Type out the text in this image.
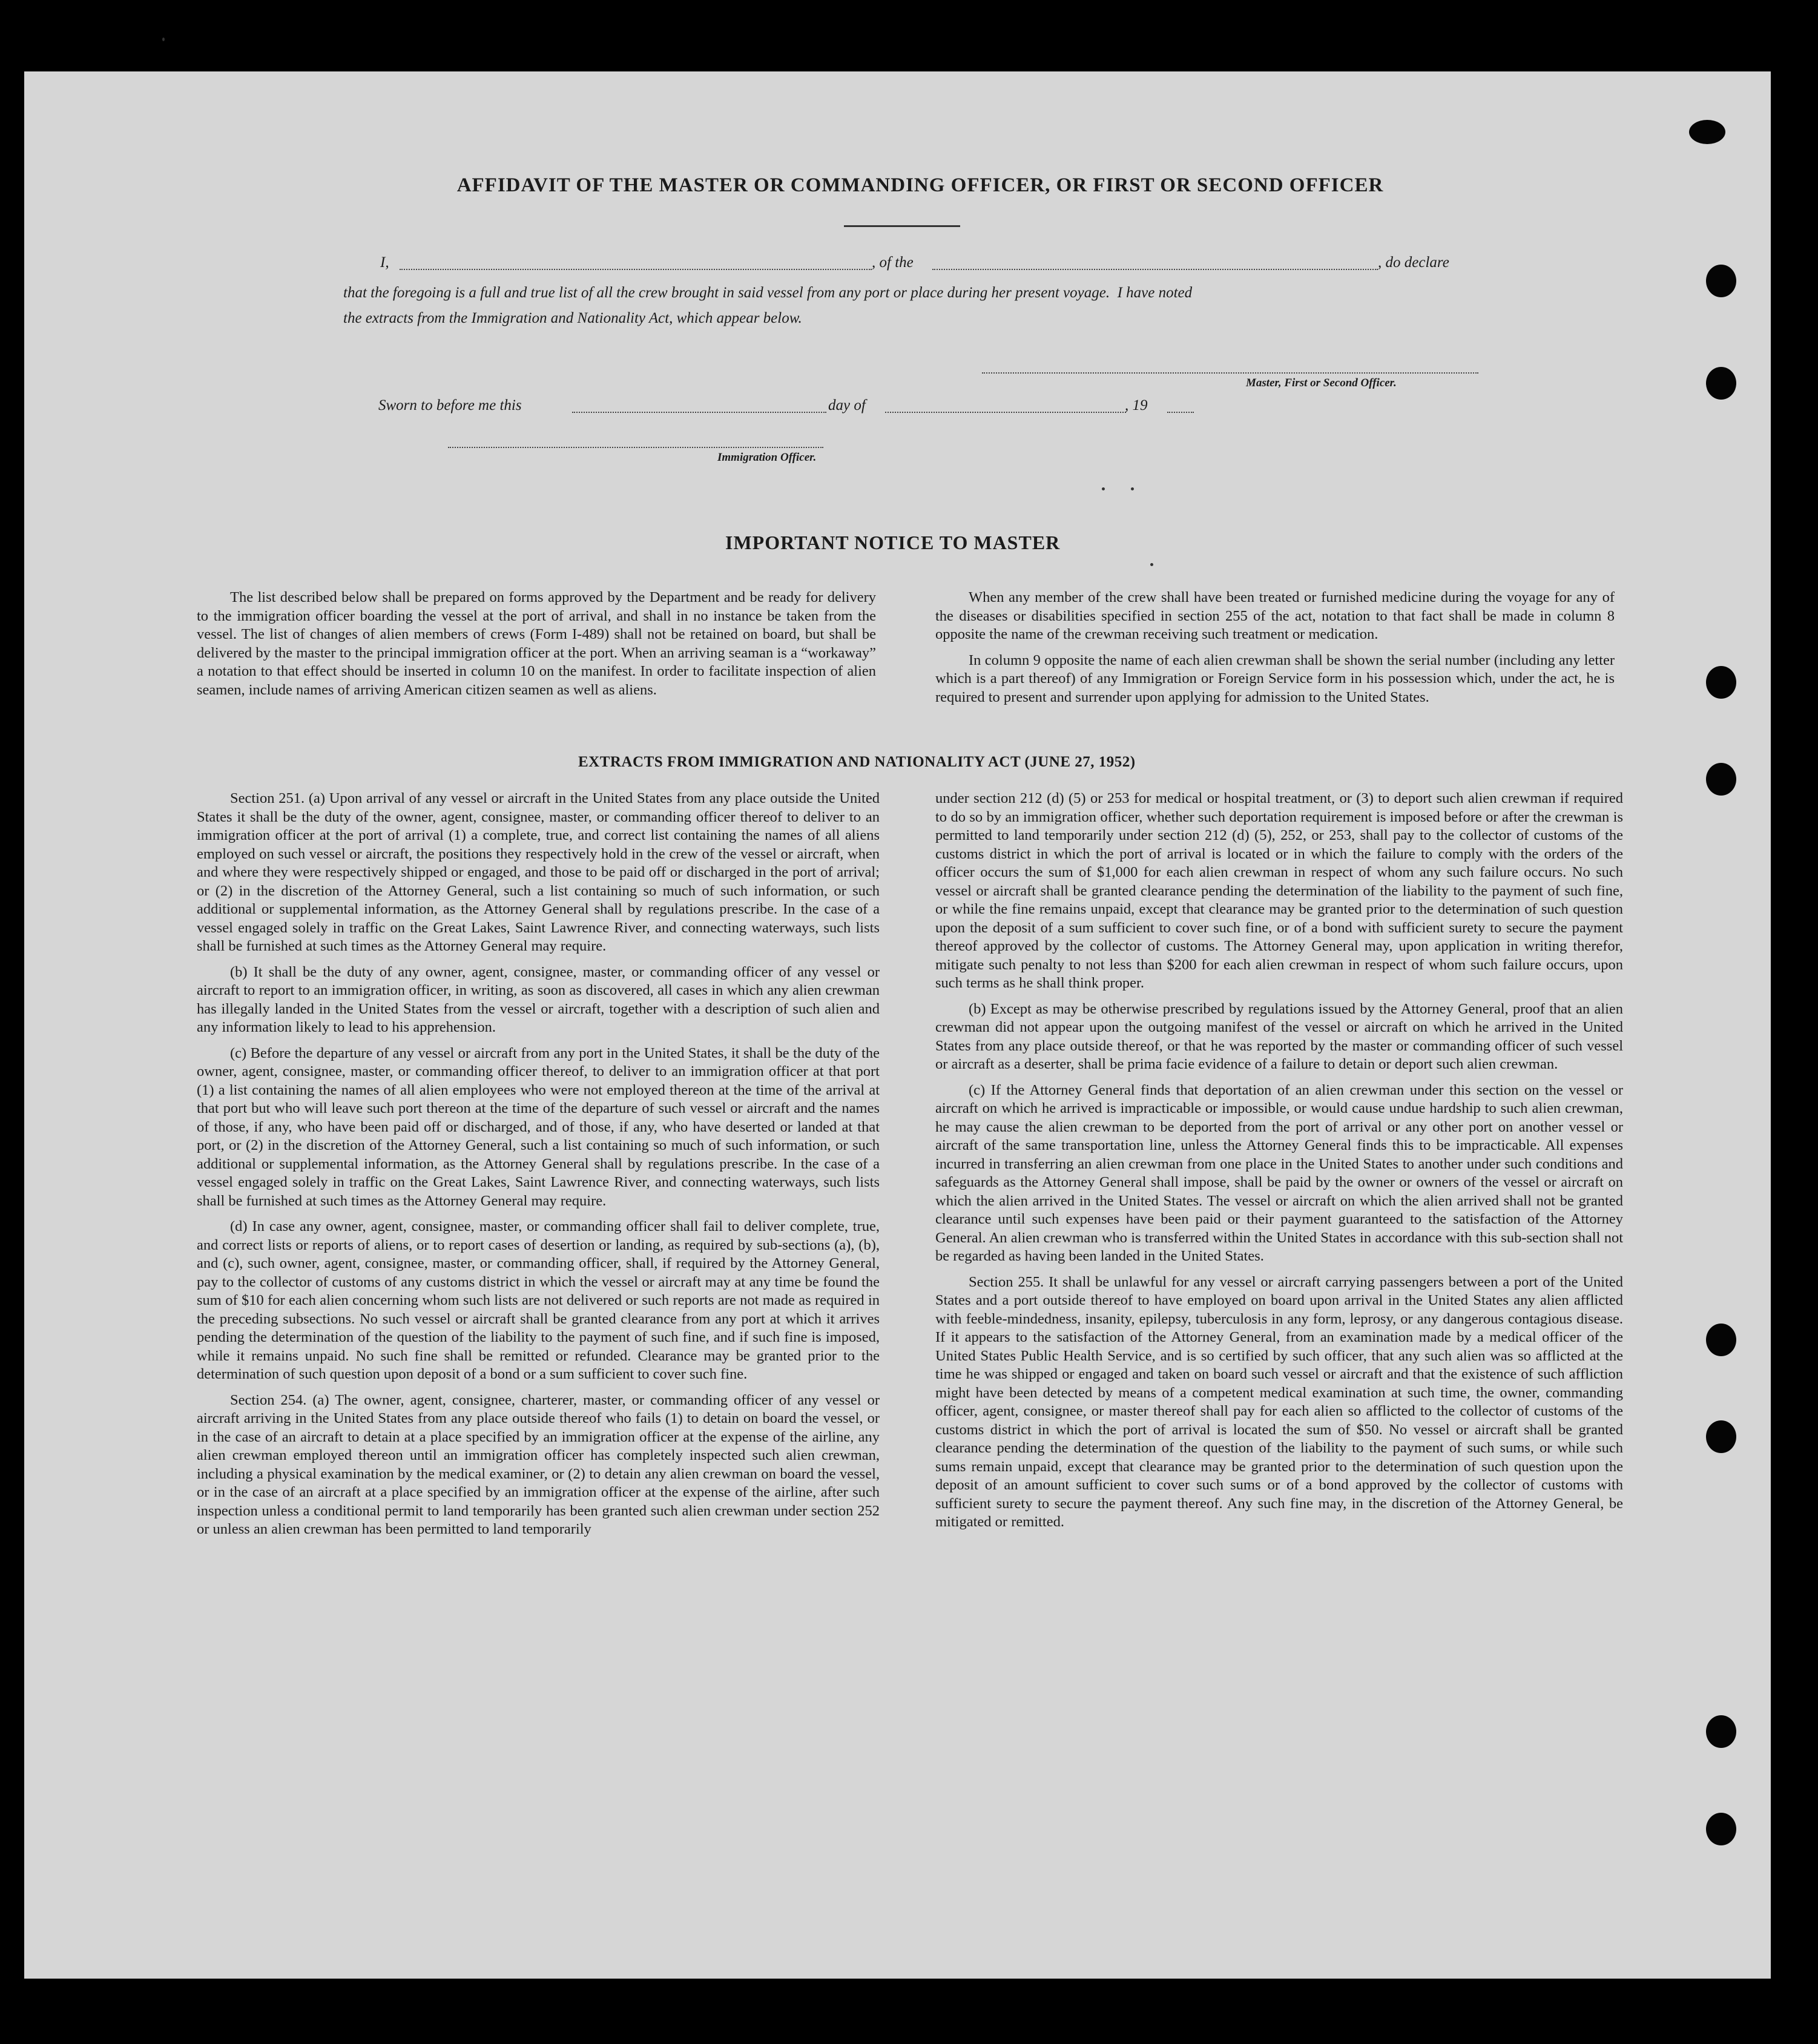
AFFIDAVIT OF THE MASTER OR COMMANDING OFFICER, OR FIRST OR SECOND OFFICER
I,	, of the	, do declare
that the foregoing is a full and true list of all the crew brought in said vessel from any port or place during her present voyage.  I have noted
the extracts from the Immigration and Nationality Act, which appear below.
Master, First or Second Officer.
Sworn to before me this	day of	, 19
Immigration Officer.
IMPORTANT NOTICE TO MASTER

The list described below shall be prepared on forms approved by the Department and be ready for delivery to the immigration officer boarding the vessel at the port of arrival, and shall in no instance be taken from the vessel. The list of changes of alien members of crews (Form I-489) shall not be retained on board, but shall be delivered by the master to the principal immigration officer at the port. When an arriving seaman is a “workaway” a notation to that effect should be inserted in column 10 on the manifest. In order to facilitate inspection of alien seamen, include names of arriving American citizen seamen as well as aliens.

When any member of the crew shall have been treated or furnished medicine during the voyage for any of the diseases or disabilities specified in section 255 of the act, notation to that fact shall be made in column 8 opposite the name of the crewman receiving such treatment or medication.

In column 9 opposite the name of each alien crewman shall be shown the serial number (including any letter which is a part thereof) of any Immigration or Foreign Service form in his possession which, under the act, he is required to present and surrender upon applying for admission to the United States.

EXTRACTS FROM IMMIGRATION AND NATIONALITY ACT (JUNE 27, 1952)

Section 251. (a) Upon arrival of any vessel or aircraft in the United States from any place outside the United States it shall be the duty of the owner, agent, consignee, master, or commanding officer thereof to deliver to an immigration officer at the port of arrival (1) a complete, true, and correct list containing the names of all aliens employed on such vessel or aircraft, the positions they respectively hold in the crew of the vessel or aircraft, when and where they were respectively shipped or engaged, and those to be paid off or discharged in the port of arrival; or (2) in the discretion of the Attorney General, such a list containing so much of such information, or such additional or supplemental information, as the Attorney General shall by regulations prescribe. In the case of a vessel engaged solely in traffic on the Great Lakes, Saint Lawrence River, and connecting waterways, such lists shall be furnished at such times as the Attorney General may require.

(b) It shall be the duty of any owner, agent, consignee, master, or commanding officer of any vessel or aircraft to report to an immigration officer, in writing, as soon as discovered, all cases in which any alien crewman has illegally landed in the United States from the vessel or aircraft, together with a description of such alien and any information likely to lead to his apprehension.

(c) Before the departure of any vessel or aircraft from any port in the United States, it shall be the duty of the owner, agent, consignee, master, or commanding officer thereof, to deliver to an immigration officer at that port (1) a list containing the names of all alien employees who were not employed thereon at the time of the arrival at that port but who will leave such port thereon at the time of the departure of such vessel or aircraft and the names of those, if any, who have been paid off or discharged, and of those, if any, who have deserted or landed at that port, or (2) in the discretion of the Attorney General, such a list containing so much of such information, or such additional or supplemental information, as the Attorney General shall by regulations prescribe. In the case of a vessel engaged solely in traffic on the Great Lakes, Saint Lawrence River, and connecting waterways, such lists shall be furnished at such times as the Attorney General may require.

(d) In case any owner, agent, consignee, master, or commanding officer shall fail to deliver complete, true, and correct lists or reports of aliens, or to report cases of desertion or landing, as required by sub-sections (a), (b), and (c), such owner, agent, consignee, master, or commanding officer, shall, if required by the Attorney General, pay to the collector of customs of any customs district in which the vessel or aircraft may at any time be found the sum of $10 for each alien concerning whom such lists are not delivered or such reports are not made as required in the preceding subsections. No such vessel or aircraft shall be granted clearance from any port at which it arrives pending the determination of the question of the liability to the payment of such fine, and if such fine is imposed, while it remains unpaid. No such fine shall be remitted or refunded. Clearance may be granted prior to the determination of such question upon deposit of a bond or a sum sufficient to cover such fine.

Section 254. (a) The owner, agent, consignee, charterer, master, or commanding officer of any vessel or aircraft arriving in the United States from any place outside thereof who fails (1) to detain on board the vessel, or in the case of an aircraft to detain at a place specified by an immigration officer at the expense of the airline, any alien crewman employed thereon until an immigration officer has completely inspected such alien crewman, including a physical examination by the medical examiner, or (2) to detain any alien crewman on board the vessel, or in the case of an aircraft at a place specified by an immigration officer at the expense of the airline, after such inspection unless a conditional permit to land temporarily has been granted such alien crewman under section 252 or unless an alien crewman has been permitted to land temporarily

under section 212 (d) (5) or 253 for medical or hospital treatment, or (3) to deport such alien crewman if required to do so by an immigration officer, whether such deportation requirement is imposed before or after the crewman is permitted to land temporarily under section 212 (d) (5), 252, or 253, shall pay to the collector of customs of the customs district in which the port of arrival is located or in which the failure to comply with the orders of the officer occurs the sum of $1,000 for each alien crewman in respect of whom any such failure occurs. No such vessel or aircraft shall be granted clearance pending the determination of the liability to the payment of such fine, or while the fine remains unpaid, except that clearance may be granted prior to the determination of such question upon the deposit of a sum sufficient to cover such fine, or of a bond with sufficient surety to secure the payment thereof approved by the collector of customs. The Attorney General may, upon application in writing therefor, mitigate such penalty to not less than $200 for each alien crewman in respect of whom such failure occurs, upon such terms as he shall think proper.

(b) Except as may be otherwise prescribed by regulations issued by the Attorney General, proof that an alien crewman did not appear upon the outgoing manifest of the vessel or aircraft on which he arrived in the United States from any place outside thereof, or that he was reported by the master or commanding officer of such vessel or aircraft as a deserter, shall be prima facie evidence of a failure to detain or deport such alien crewman.

(c) If the Attorney General finds that deportation of an alien crewman under this section on the vessel or aircraft on which he arrived is impracticable or impossible, or would cause undue hardship to such alien crewman, he may cause the alien crewman to be deported from the port of arrival or any other port on another vessel or aircraft of the same transportation line, unless the Attorney General finds this to be impracticable. All expenses incurred in transferring an alien crewman from one place in the United States to another under such conditions and safeguards as the Attorney General shall impose, shall be paid by the owner or owners of the vessel or aircraft on which the alien arrived in the United States. The vessel or aircraft on which the alien arrived shall not be granted clearance until such expenses have been paid or their payment guaranteed to the satisfaction of the Attorney General. An alien crewman who is transferred within the United States in accordance with this sub-section shall not be regarded as having been landed in the United States.

Section 255. It shall be unlawful for any vessel or aircraft carrying passengers between a port of the United States and a port outside thereof to have employed on board upon arrival in the United States any alien afflicted with feeble-mindedness, insanity, epilepsy, tuberculosis in any form, leprosy, or any dangerous contagious disease. If it appears to the satisfaction of the Attorney General, from an examination made by a medical officer of the United States Public Health Service, and is so certified by such officer, that any such alien was so afflicted at the time he was shipped or engaged and taken on board such vessel or aircraft and that the existence of such affliction might have been detected by means of a competent medical examination at such time, the owner, commanding officer, agent, consignee, or master thereof shall pay for each alien so afflicted to the collector of customs of the customs district in which the port of arrival is located the sum of $50. No vessel or aircraft shall be granted clearance pending the determination of the question of the liability to the payment of such sums, or while such sums remain unpaid, except that clearance may be granted prior to the determination of such question upon the deposit of an amount sufficient to cover such sums or of a bond approved by the collector of customs with sufficient surety to secure the payment thereof. Any such fine may, in the discretion of the Attorney General, be mitigated or remitted.
